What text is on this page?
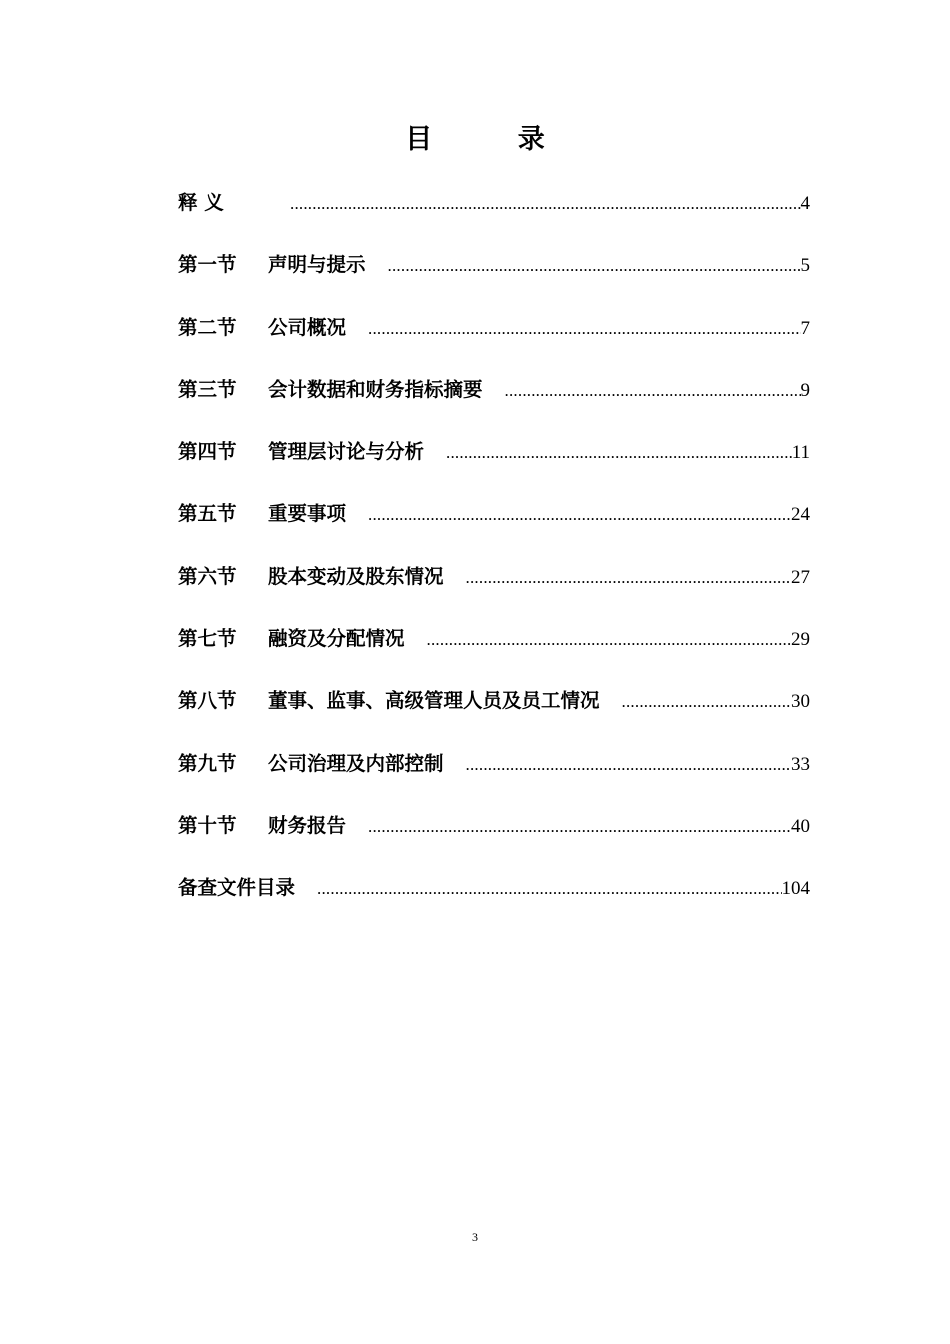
目 录
释 义 .....	4
第一节 声明与提示 .....	5
第二节 公司概况 .....	7
第三节 会计数据和财务指标摘要 .....	9
第四节 管理层讨论与分析 .....	11
第五节 重要事项 .....	24
第六节 股本变动及股东情况 .....	27
第七节 融资及分配情况 .....	29
第八节 董事、监事、高级管理人员及员工情况 .....	30
第九节 公司治理及内部控制 .....	33
第十节 财务报告 .....	40
备查文件目录 .....	104
3
